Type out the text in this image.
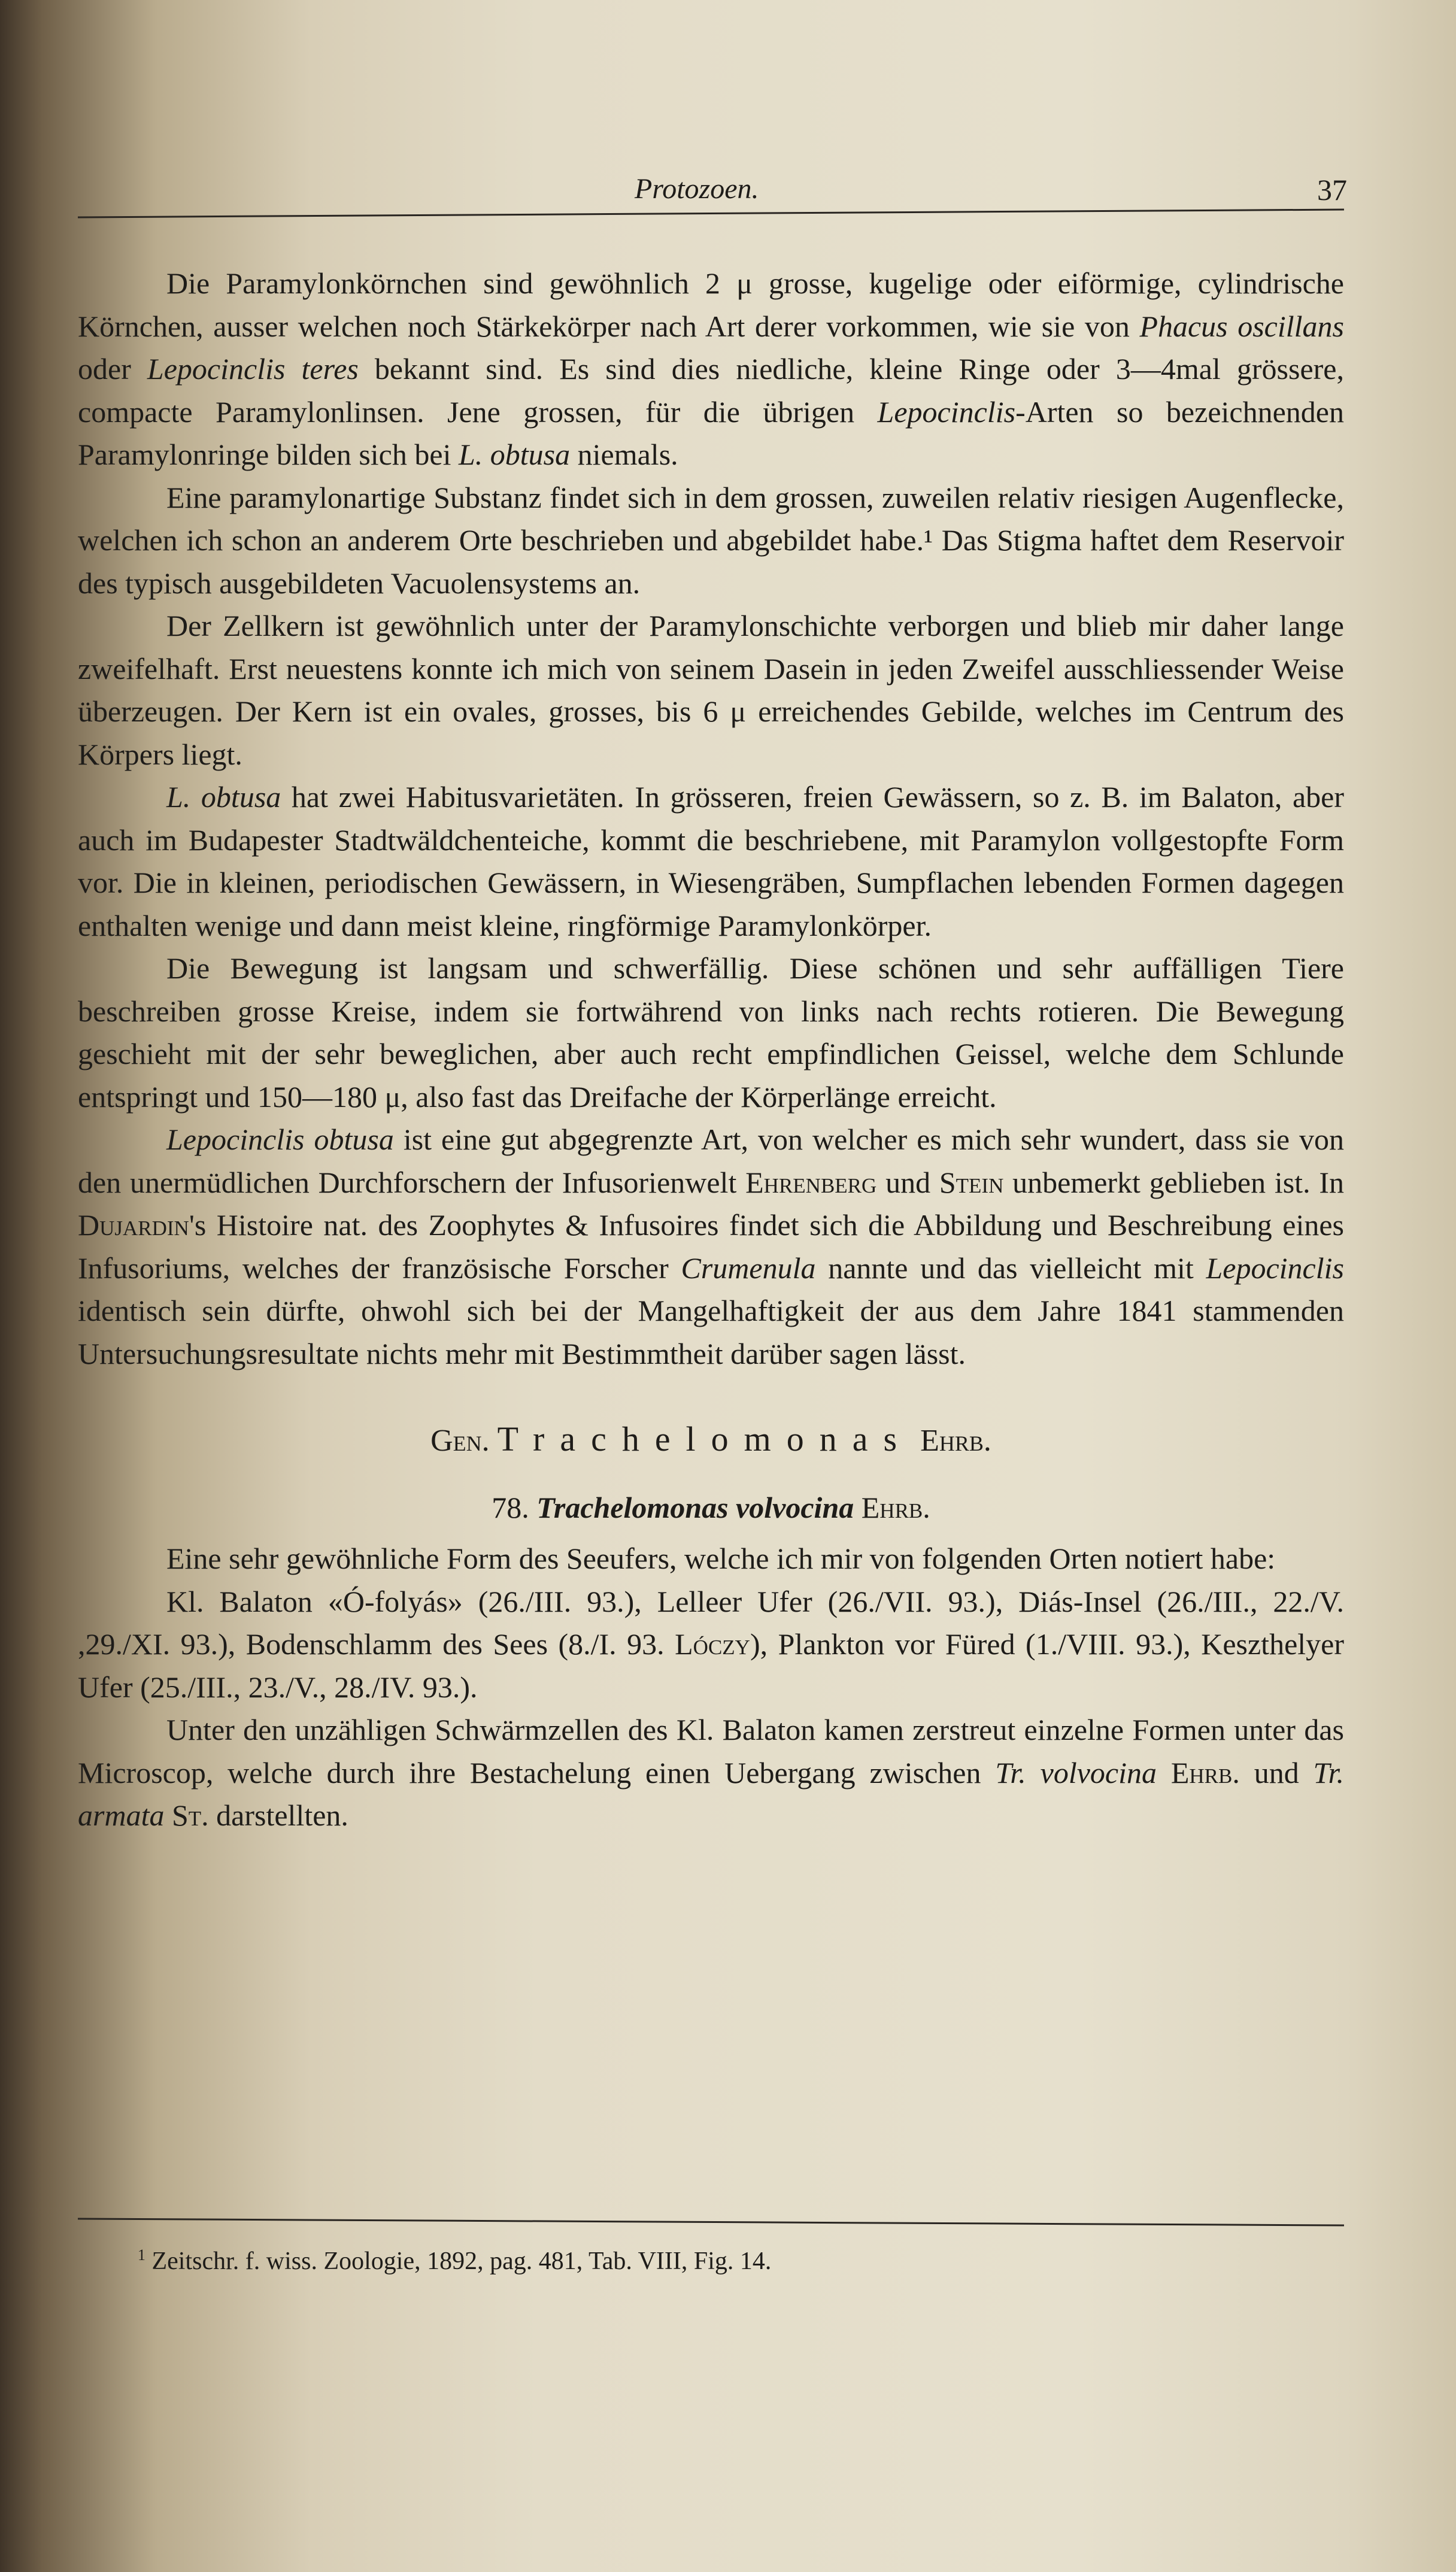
Protozoen.	37

Die Paramylonkörnchen sind gewöhnlich 2 μ grosse, kugelige oder eiförmige, cylindrische Körnchen, ausser welchen noch Stärkekörper nach Art derer vorkommen, wie sie von Phacus oscillans oder Lepocinclis teres bekannt sind. Es sind dies niedliche, kleine Ringe oder 3—4mal grössere, compacte Paramylonlinsen. Jene grossen, für die übrigen Lepocinclis-Arten so bezeichnenden Paramylonringe bilden sich bei L. obtusa niemals.

Eine paramylonartige Substanz findet sich in dem grossen, zuweilen relativ riesigen Augenflecke, welchen ich schon an anderem Orte beschrieben und abgebildet habe.¹ Das Stigma haftet dem Reservoir des typisch ausgebildeten Vacuolensystems an.

Der Zellkern ist gewöhnlich unter der Paramylonschichte verborgen und blieb mir daher lange zweifelhaft. Erst neuestens konnte ich mich von seinem Dasein in jeden Zweifel ausschliessender Weise überzeugen. Der Kern ist ein ovales, grosses, bis 6 μ erreichendes Gebilde, welches im Centrum des Körpers liegt.

L. obtusa hat zwei Habitusvarietäten. In grösseren, freien Gewässern, so z. B. im Balaton, aber auch im Budapester Stadtwäldchenteiche, kommt die beschriebene, mit Paramylon vollgestopfte Form vor. Die in kleinen, periodischen Gewässern, in Wiesengräben, Sumpflachen lebenden Formen dagegen enthalten wenige und dann meist kleine, ringförmige Paramylonkörper.

Die Bewegung ist langsam und schwerfällig. Diese schönen und sehr auffälligen Tiere beschreiben grosse Kreise, indem sie fortwährend von links nach rechts rotieren. Die Bewegung geschieht mit der sehr beweglichen, aber auch recht empfindlichen Geissel, welche dem Schlunde entspringt und 150—180 μ, also fast das Dreifache der Körperlänge erreicht.

Lepocinclis obtusa ist eine gut abgegrenzte Art, von welcher es mich sehr wundert, dass sie von den unermüdlichen Durchforschern der Infusorienwelt Ehrenberg und Stein unbemerkt geblieben ist. In Dujardin's Histoire nat. des Zoophytes & Infusoires findet sich die Abbildung und Beschreibung eines Infusoriums, welches der französische Forscher Crumenula nannte und das vielleicht mit Lepocinclis identisch sein dürfte, ohwohl sich bei der Mangelhaftigkeit der aus dem Jahre 1841 stammenden Untersuchungsresultate nichts mehr mit Bestimmtheit darüber sagen lässt.

Gen. Trachelomonas Ehrb.
78. Trachelomonas volvocina Ehrb.

Eine sehr gewöhnliche Form des Seeufers, welche ich mir von folgenden Orten notiert habe:

Kl. Balaton «Ó-folyás» (26./III. 93.), Lelleer Ufer (26./VII. 93.), Diás-Insel (26./III., 22./V. ,29./XI. 93.), Bodenschlamm des Sees (8./I. 93. Lóczy), Plankton vor Füred (1./VIII. 93.), Keszthelyer Ufer (25./III., 23./V., 28./IV. 93.).

Unter den unzähligen Schwärmzellen des Kl. Balaton kamen zerstreut einzelne Formen unter das Microscop, welche durch ihre Bestachelung einen Uebergang zwischen Tr. volvocina Ehrb. und Tr. armata St. darstellten.

$^1$ Zeitschr. f. wiss. Zoologie, 1892, pag. 481, Tab. VIII, Fig. 14.
